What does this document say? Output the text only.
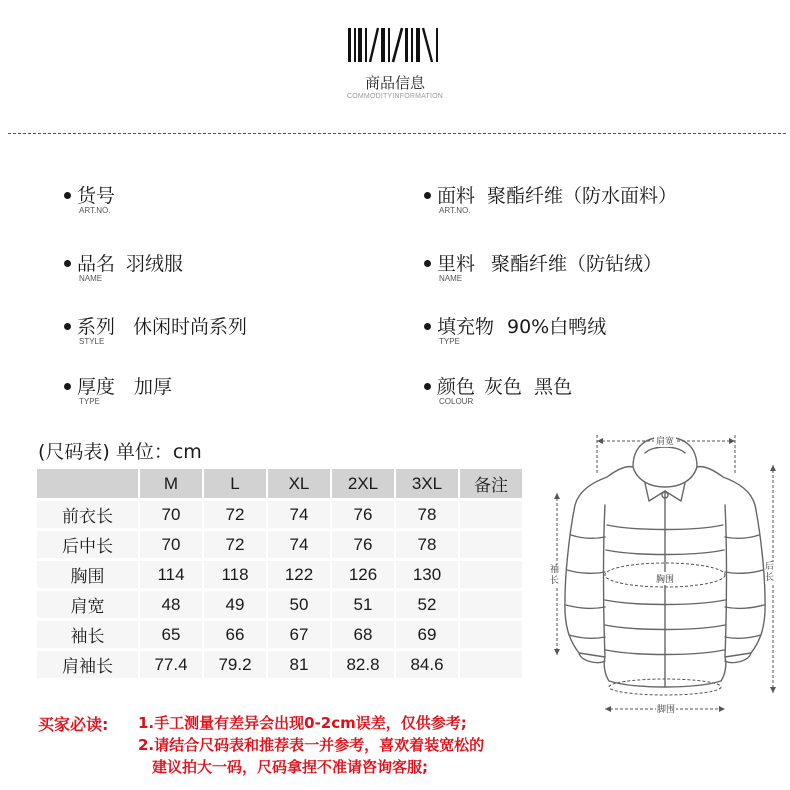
商品信息
COMMODITYINFORMATION
货号
ART.NO.
品名 羽绒服
NAME
系列 休闲时尚系列
STYLE
厚度 加厚
TYPE
面料 聚酯纤维（防水面料）
ART.NO.
里料 聚酯纤维（防钻绒）
NAME
填充物 90%白鸭绒
TYPE
颜色 灰色  黑色
COLOUR
(尺码表) 单位：cm
	M	L	XL	2XL	3XL	备注
前衣长	70	72	74	76	78	
后中长	70	72	74	76	78	
胸围	114	118	122	126	130	
肩宽	48	49	50	51	52	
袖长	65	66	67	68	69	
肩袖长	77.4	79.2	81	82.8	84.6	
肩宽
袖长	胸围
后长
脚围
买家必读: 1.手工测量有差异会出现0-2cm误差，仅供参考;
2.请结合尺码表和推荐表一并参考，喜欢着装宽松的
建议拍大一码，尺码拿捏不准请咨询客服;
